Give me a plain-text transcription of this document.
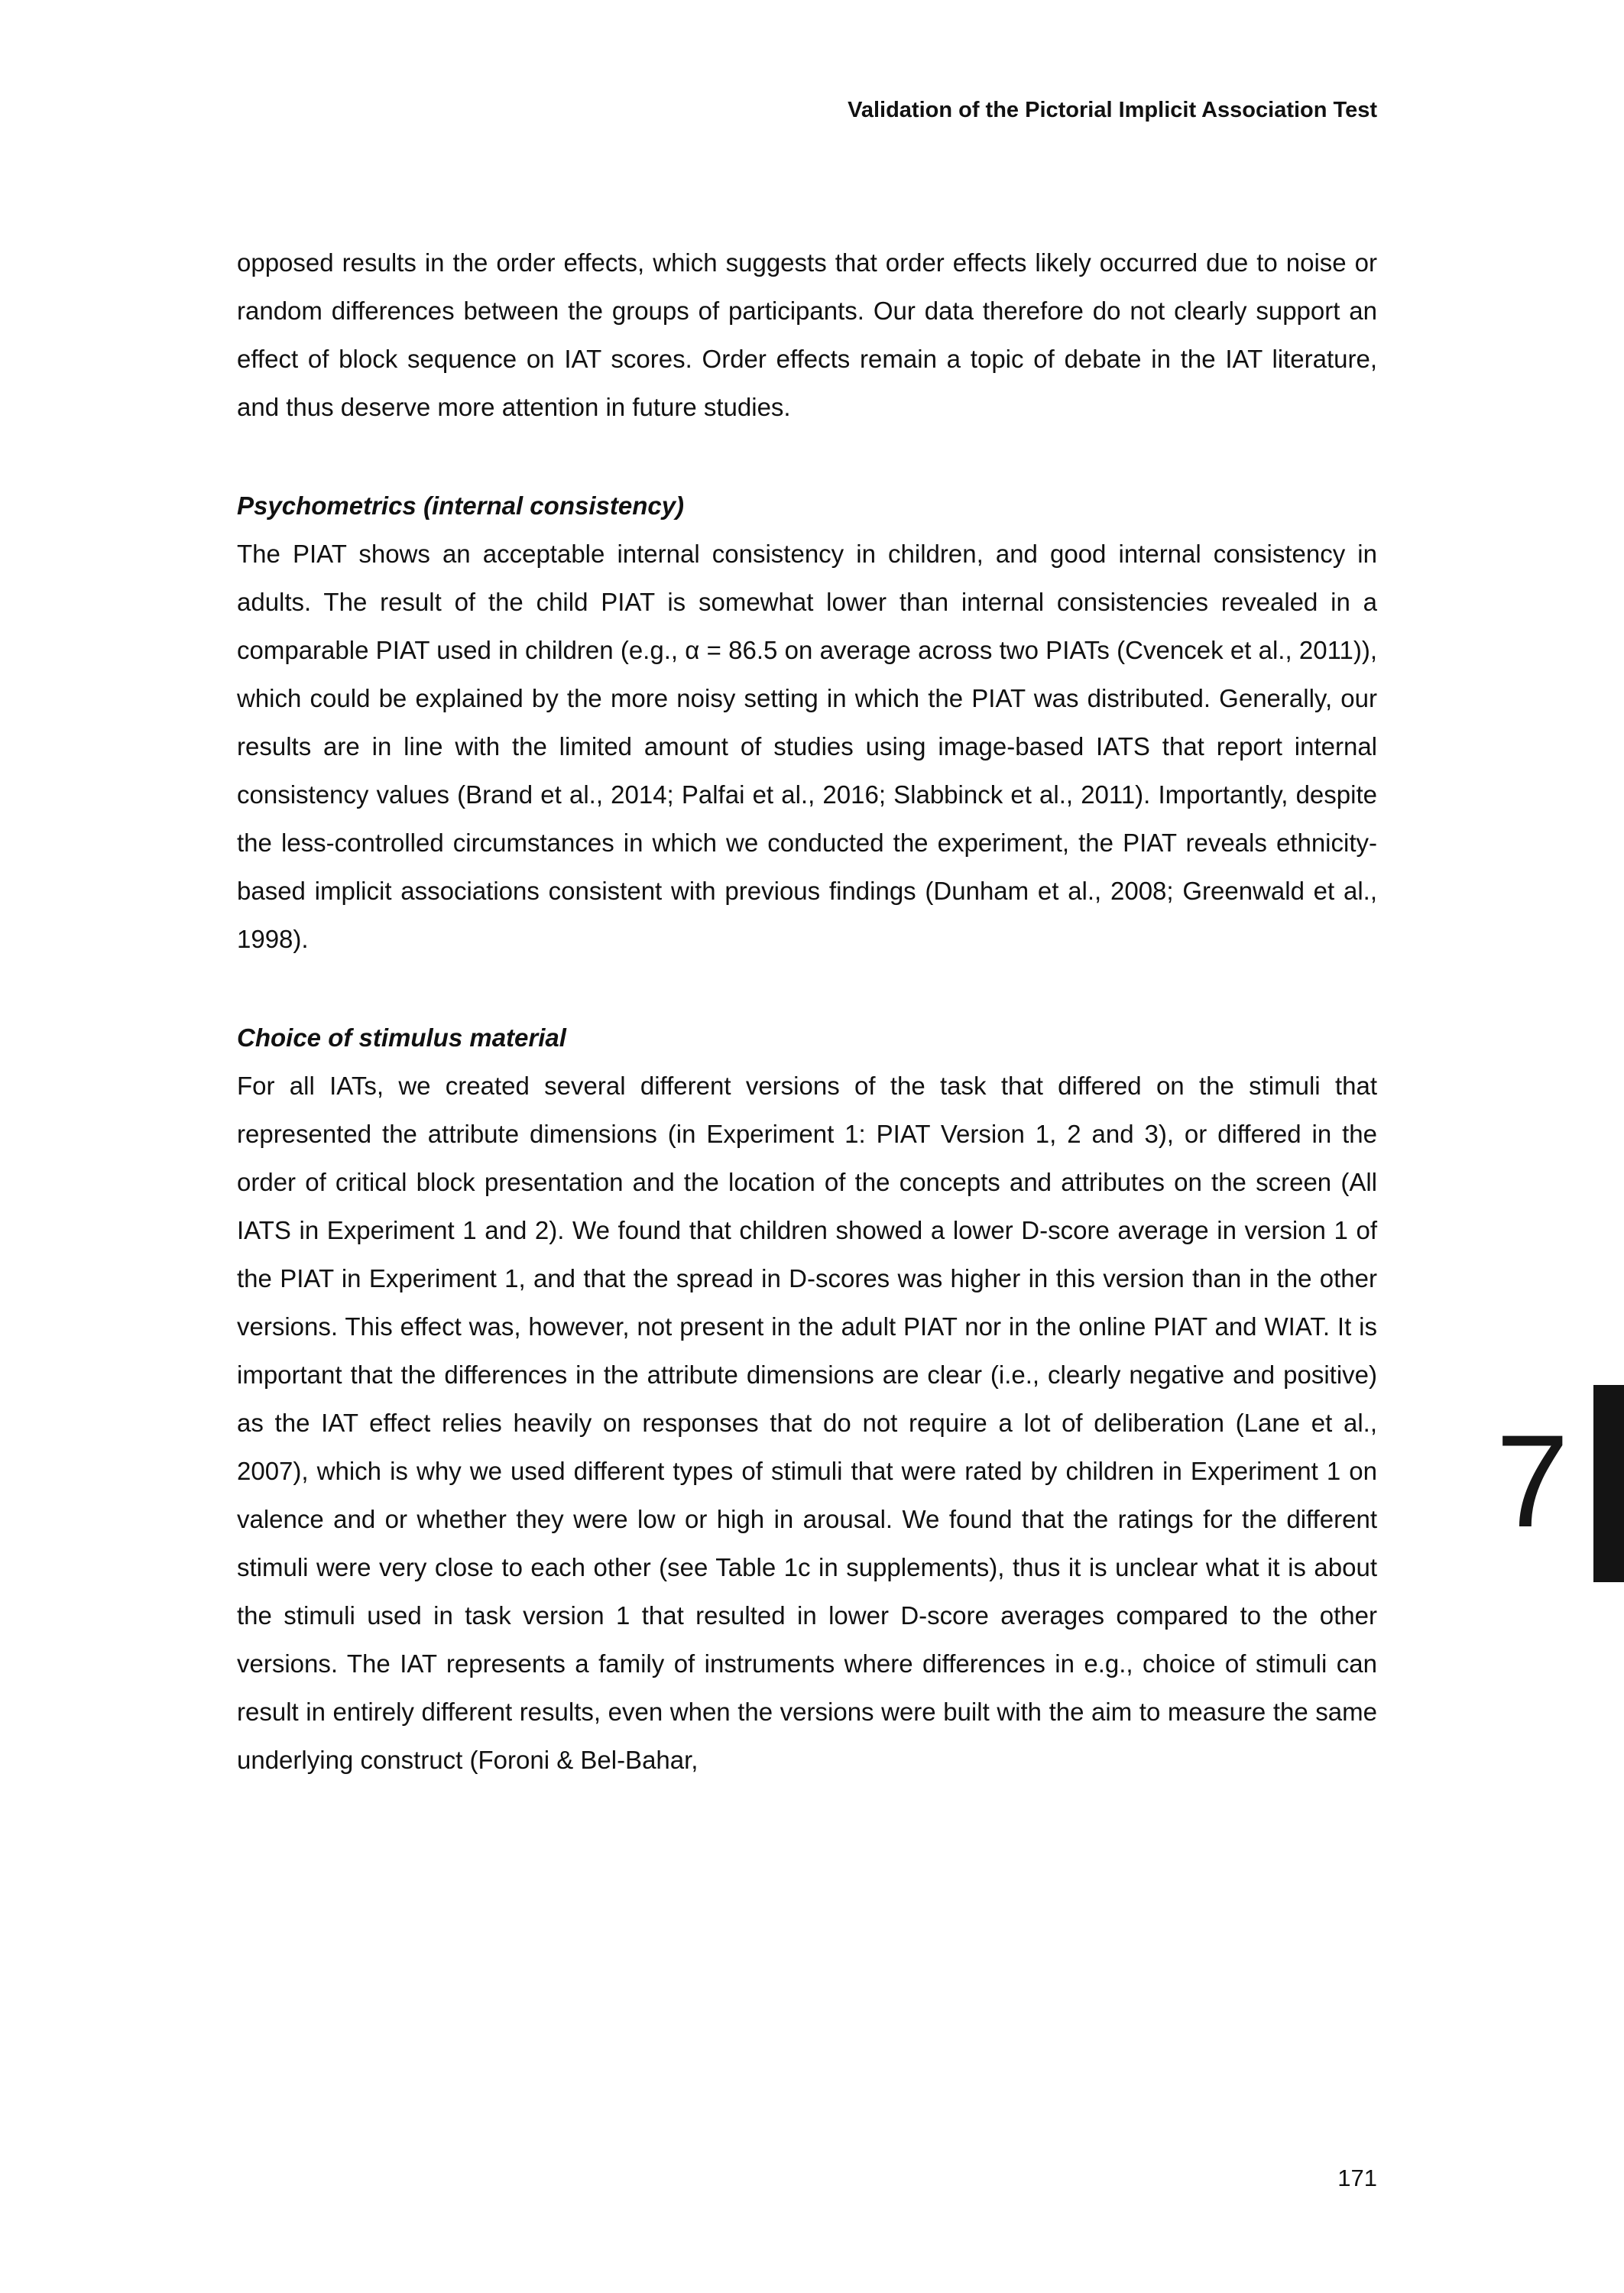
Validation of the Pictorial Implicit Association Test

opposed results in the order effects, which suggests that order effects likely occurred due to noise or random differences between the groups of participants. Our data therefore do not clearly support an effect of block sequence on IAT scores. Order effects remain a topic of debate in the IAT literature, and thus deserve more attention in future studies.

Psychometrics (internal consistency)

The PIAT shows an acceptable internal consistency in children, and good internal consistency in adults. The result of the child PIAT is somewhat lower than internal consistencies revealed in a comparable PIAT used in children (e.g., α = 86.5 on average across two PIATs (Cvencek et al., 2011)), which could be explained by the more noisy setting in which the PIAT was distributed. Generally, our results are in line with the limited amount of studies using image-based IATS that report internal consistency values (Brand et al., 2014; Palfai et al., 2016; Slabbinck et al., 2011). Importantly, despite the less-controlled circumstances in which we conducted the experiment, the PIAT reveals ethnicity-based implicit associations consistent with previous findings (Dunham et al., 2008; Greenwald et al., 1998).

Choice of stimulus material

For all IATs, we created several different versions of the task that differed on the stimuli that represented the attribute dimensions (in Experiment 1: PIAT Version 1, 2 and 3), or differed in the order of critical block presentation and the location of the concepts and attributes on the screen (All IATS in Experiment 1 and 2). We found that children showed a lower D-score average in version 1 of the PIAT in Experiment 1, and that the spread in D-scores was higher in this version than in the other versions. This effect was, however, not present in the adult PIAT nor in the online PIAT and WIAT. It is important that the differences in the attribute dimensions are clear (i.e., clearly negative and positive) as the IAT effect relies heavily on responses that do not require a lot of deliberation (Lane et al., 2007), which is why we used different types of stimuli that were rated by children in Experiment 1 on valence and or whether they were low or high in arousal. We found that the ratings for the different stimuli were very close to each other (see Table 1c in supplements), thus it is unclear what it is about the stimuli used in task version 1 that resulted in lower D-score averages compared to the other versions. The IAT represents a family of instruments where differences in e.g., choice of stimuli can result in entirely different results, even when the versions were built with the aim to measure the same underlying construct (Foroni & Bel-Bahar,

7
171
